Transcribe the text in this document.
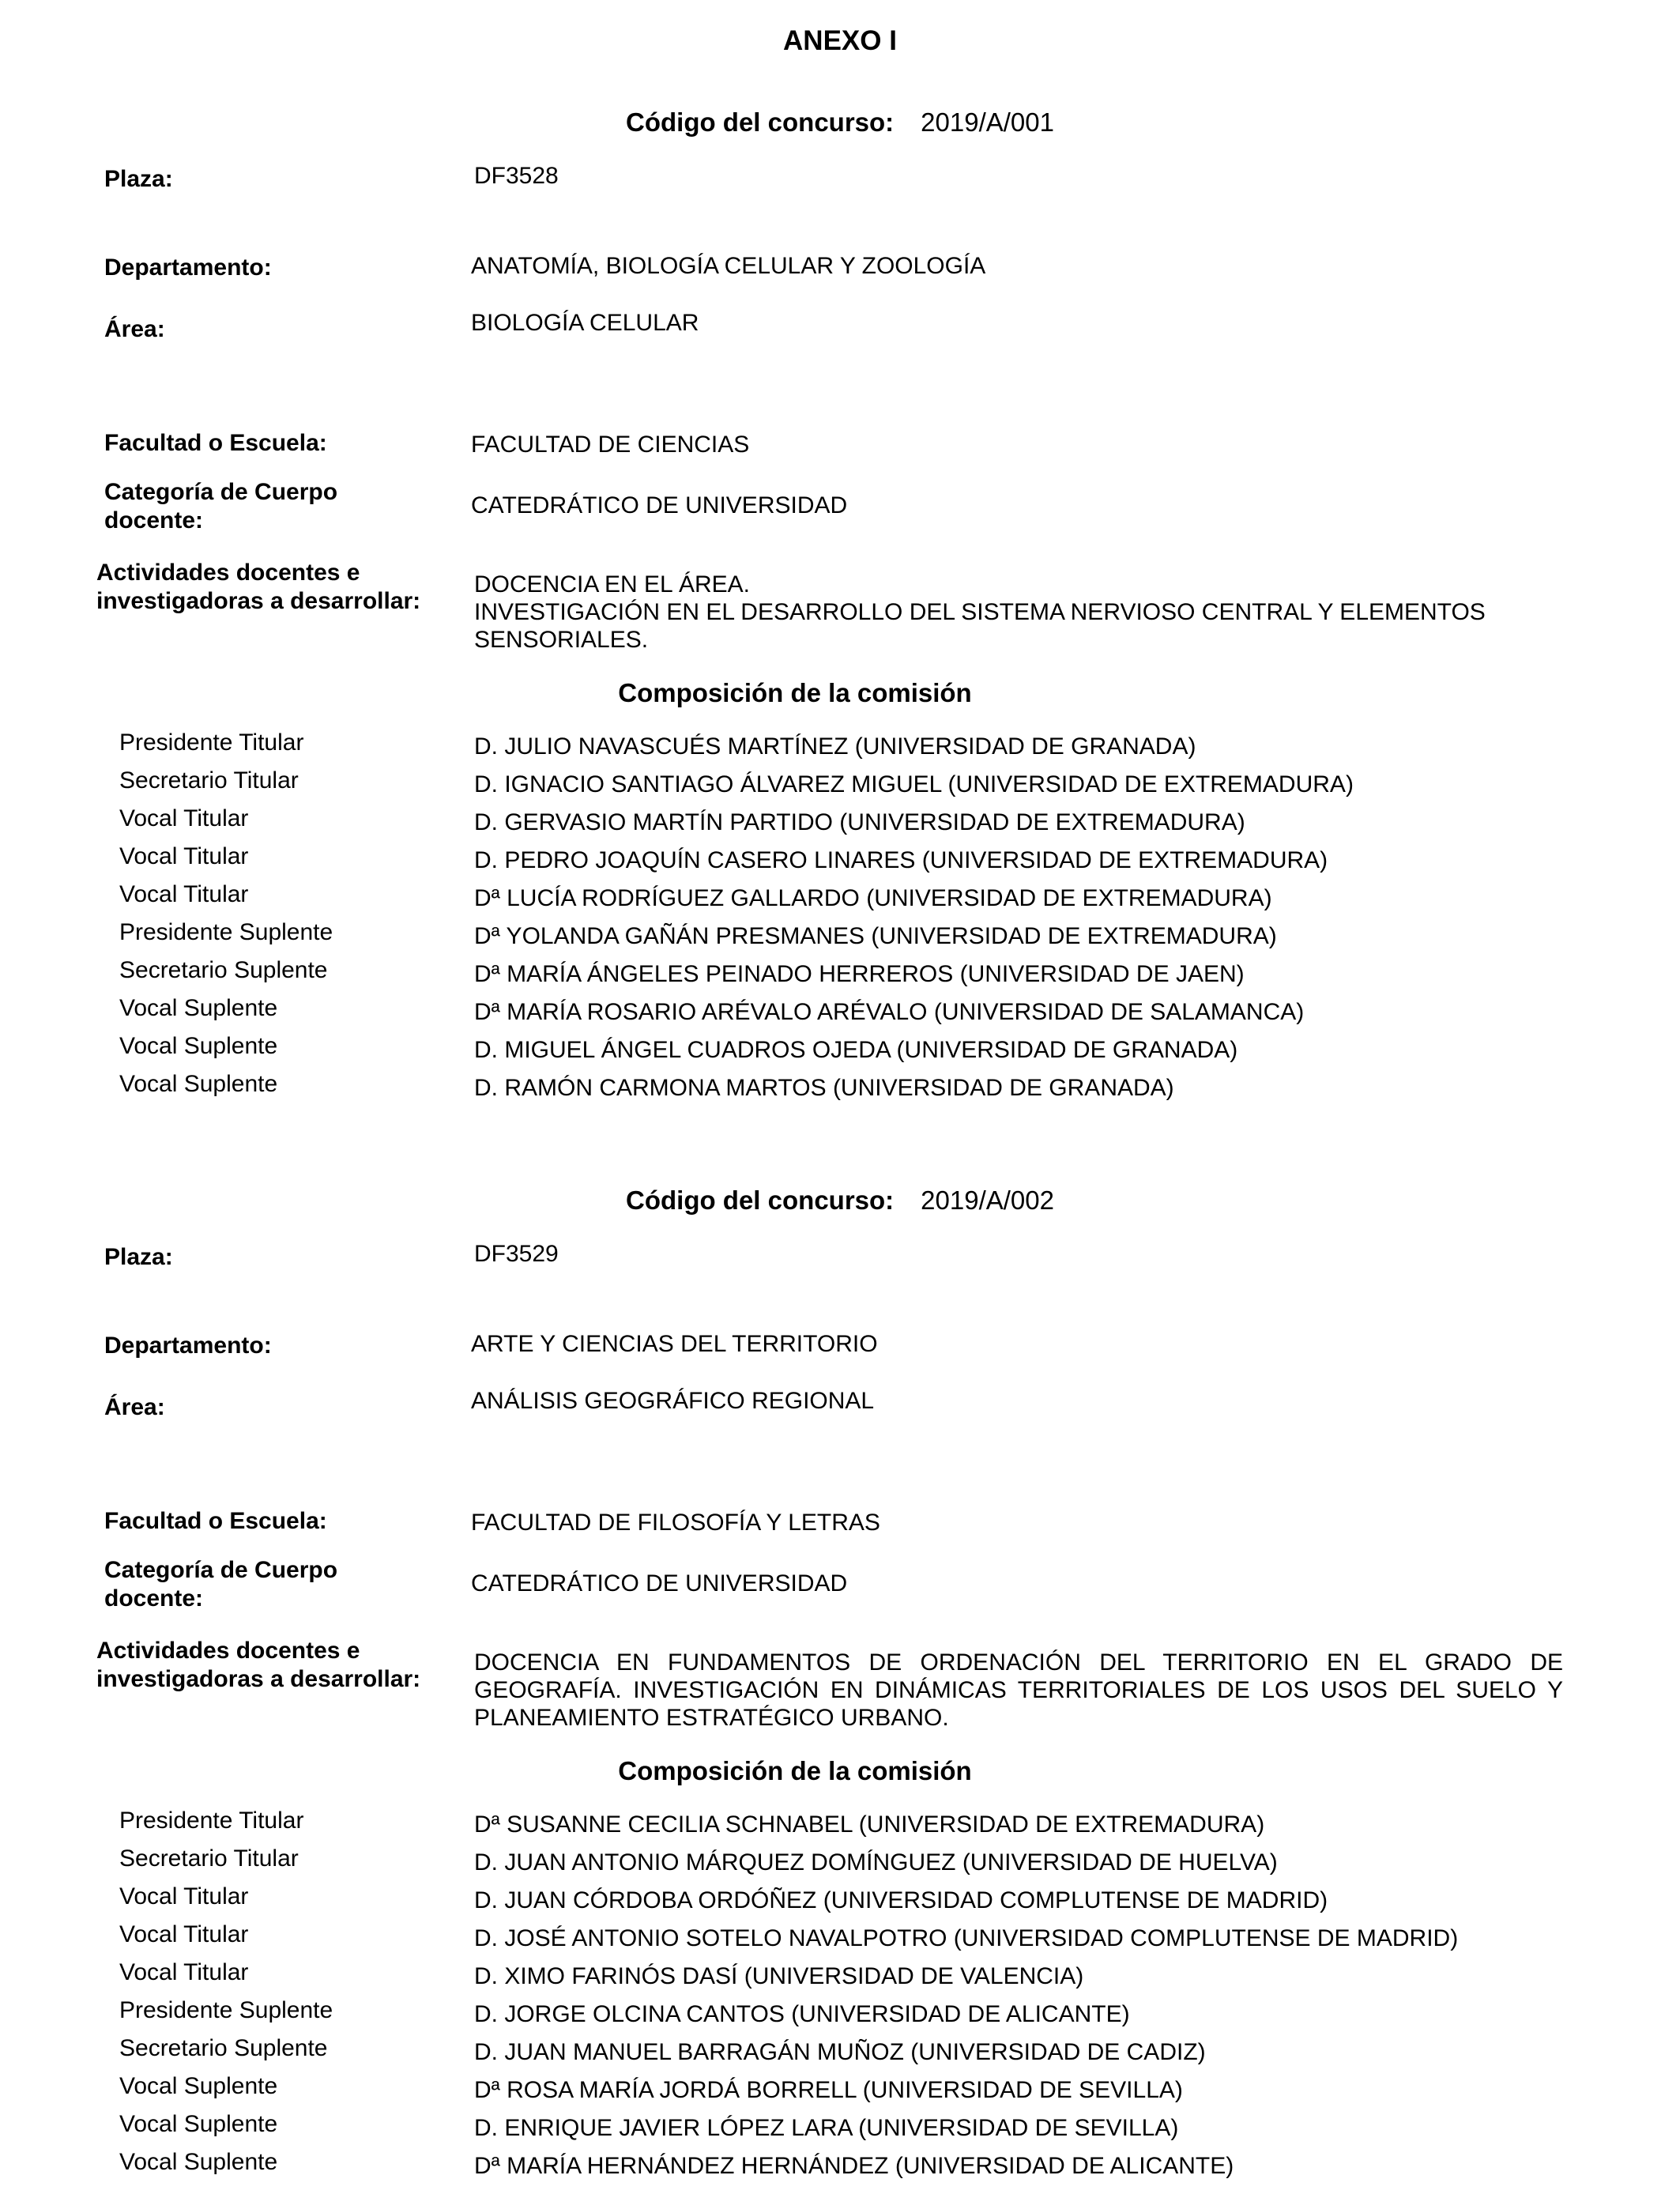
ANEXO I
Código del concurso: 2019/A/001
Plaza:	DF3528
Departamento:	ANATOMÍA, BIOLOGÍA CELULAR Y ZOOLOGÍA
Área:	BIOLOGÍA CELULAR
Facultad o Escuela:	FACULTAD DE CIENCIAS
Categoría de Cuerpo
docente:
CATEDRÁTICO DE UNIVERSIDAD
Actividades docentes e
investigadoras a desarrollar:
DOCENCIA EN EL ÁREA.
INVESTIGACIÓN EN EL DESARROLLO DEL SISTEMA NERVIOSO CENTRAL Y ELEMENTOS
SENSORIALES.
Composición de la comisión
Presidente Titular	D. JULIO NAVASCUÉS MARTÍNEZ (UNIVERSIDAD DE GRANADA)
Secretario Titular	D. IGNACIO SANTIAGO ÁLVAREZ MIGUEL (UNIVERSIDAD DE EXTREMADURA)
Vocal Titular	D. GERVASIO MARTÍN PARTIDO (UNIVERSIDAD DE EXTREMADURA)
Vocal Titular	D. PEDRO JOAQUÍN CASERO LINARES (UNIVERSIDAD DE EXTREMADURA)
Vocal Titular	Dª LUCÍA RODRÍGUEZ GALLARDO (UNIVERSIDAD DE EXTREMADURA)
Presidente Suplente	Dª YOLANDA GAÑÁN PRESMANES (UNIVERSIDAD DE EXTREMADURA)
Secretario Suplente	Dª MARÍA ÁNGELES PEINADO HERREROS (UNIVERSIDAD DE JAEN)
Vocal Suplente	Dª MARÍA ROSARIO ARÉVALO ARÉVALO (UNIVERSIDAD DE SALAMANCA)
Vocal Suplente	D. MIGUEL ÁNGEL CUADROS OJEDA (UNIVERSIDAD DE GRANADA)
Vocal Suplente	D. RAMÓN CARMONA MARTOS (UNIVERSIDAD DE GRANADA)
Código del concurso: 2019/A/002
Plaza:	DF3529
Departamento:	ARTE Y CIENCIAS DEL TERRITORIO
Área:	ANÁLISIS GEOGRÁFICO REGIONAL
Facultad o Escuela:	FACULTAD DE FILOSOFÍA Y LETRAS
Categoría de Cuerpo
docente:
CATEDRÁTICO DE UNIVERSIDAD
Actividades docentes e
investigadoras a desarrollar:
DOCENCIA EN FUNDAMENTOS DE ORDENACIÓN DEL TERRITORIO EN EL GRADO DE GEOGRAFÍA. INVESTIGACIÓN EN DINÁMICAS TERRITORIALES DE LOS USOS DEL SUELO Y PLANEAMIENTO ESTRATÉGICO URBANO.
Composición de la comisión
Presidente Titular	Dª SUSANNE CECILIA SCHNABEL (UNIVERSIDAD DE EXTREMADURA)
Secretario Titular	D. JUAN ANTONIO MÁRQUEZ DOMÍNGUEZ (UNIVERSIDAD DE HUELVA)
Vocal Titular	D. JUAN CÓRDOBA ORDÓÑEZ (UNIVERSIDAD COMPLUTENSE DE MADRID)
Vocal Titular	D. JOSÉ ANTONIO SOTELO NAVALPOTRO (UNIVERSIDAD COMPLUTENSE DE MADRID)
Vocal Titular	D. XIMO FARINÓS DASÍ (UNIVERSIDAD DE VALENCIA)
Presidente Suplente	D. JORGE OLCINA CANTOS (UNIVERSIDAD DE ALICANTE)
Secretario Suplente	D. JUAN MANUEL BARRAGÁN MUÑOZ (UNIVERSIDAD DE CADIZ)
Vocal Suplente	Dª ROSA MARÍA JORDÁ BORRELL (UNIVERSIDAD DE SEVILLA)
Vocal Suplente	D. ENRIQUE JAVIER LÓPEZ LARA (UNIVERSIDAD DE SEVILLA)
Vocal Suplente	Dª MARÍA HERNÁNDEZ HERNÁNDEZ (UNIVERSIDAD DE ALICANTE)
